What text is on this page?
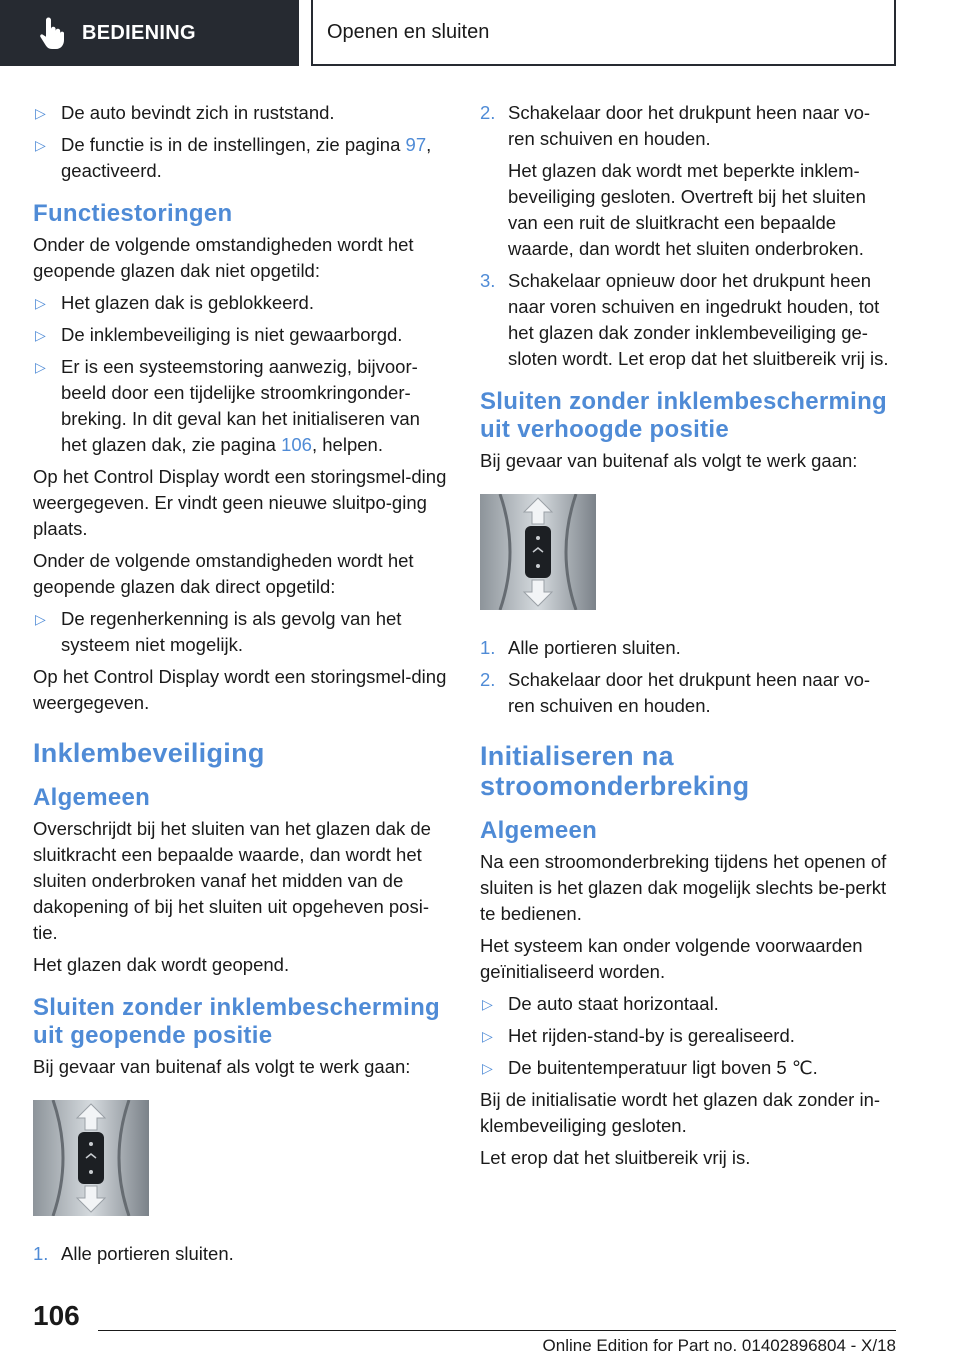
BEDIENING	Openen en sluiten
▷ De auto bevindt zich in ruststand.
▷ De functie is in de instellingen, zie pagina 97, geactiveerd.
Functiestoringen

Onder de volgende omstandigheden wordt het geopende glazen dak niet opgetild:

▷ Het glazen dak is geblokkeerd.
▷ De inklembeveiliging is niet gewaarborgd.
▷ Er is een systeemstoring aanwezig, bijvoor-beeld door een tijdelijke stroomkringonder-breking. In dit geval kan het initialiseren van het glazen dak, zie pagina 106, helpen.

Op het Control Display wordt een storingsmel-ding weergegeven. Er vindt geen nieuwe sluitpo-ging plaats.

Onder de volgende omstandigheden wordt het geopende glazen dak direct opgetild:

▷ De regenherkenning is als gevolg van het systeem niet mogelijk.

Op het Control Display wordt een storingsmel-ding weergegeven.

Inklembeveiliging
Algemeen

Overschrijdt bij het sluiten van het glazen dak de sluitkracht een bepaalde waarde, dan wordt het sluiten onderbroken vanaf het midden van de dakopening of bij het sluiten uit opgeheven posi-tie.

Het glazen dak wordt geopend.

Sluiten zonder inklembescherming uit geopende positie

Bij gevaar van buitenaf als volgt te werk gaan:

1. Alle portieren sluiten.
2. Schakelaar door het drukpunt heen naar vo-ren schuiven en houden.

Het glazen dak wordt met beperkte inklem-beveiliging gesloten. Overtreft bij het sluiten van een ruit de sluitkracht een bepaalde waarde, dan wordt het sluiten onderbroken.

3. Schakelaar opnieuw door het drukpunt heen naar voren schuiven en ingedrukt houden, tot het glazen dak zonder inklembeveiliging ge-sloten wordt. Let erop dat het sluitbereik vrij is.
Sluiten zonder inklembescherming uit verhoogde positie

Bij gevaar van buitenaf als volgt te werk gaan:

1. Alle portieren sluiten.
2. Schakelaar door het drukpunt heen naar vo-ren schuiven en houden.
Initialiseren na stroomonderbreking
Algemeen

Na een stroomonderbreking tijdens het openen of sluiten is het glazen dak mogelijk slechts be-perkt te bedienen.

Het systeem kan onder volgende voorwaarden geïnitialiseerd worden.

▷ De auto staat horizontaal.
▷ Het rijden-stand-by is gerealiseerd.
▷ De buitentemperatuur ligt boven 5 ℃.

Bij de initialisatie wordt het glazen dak zonder in-klembeveiliging gesloten.

Let erop dat het sluitbereik vrij is.

106
Online Edition for Part no. 01402896804 - X/18
